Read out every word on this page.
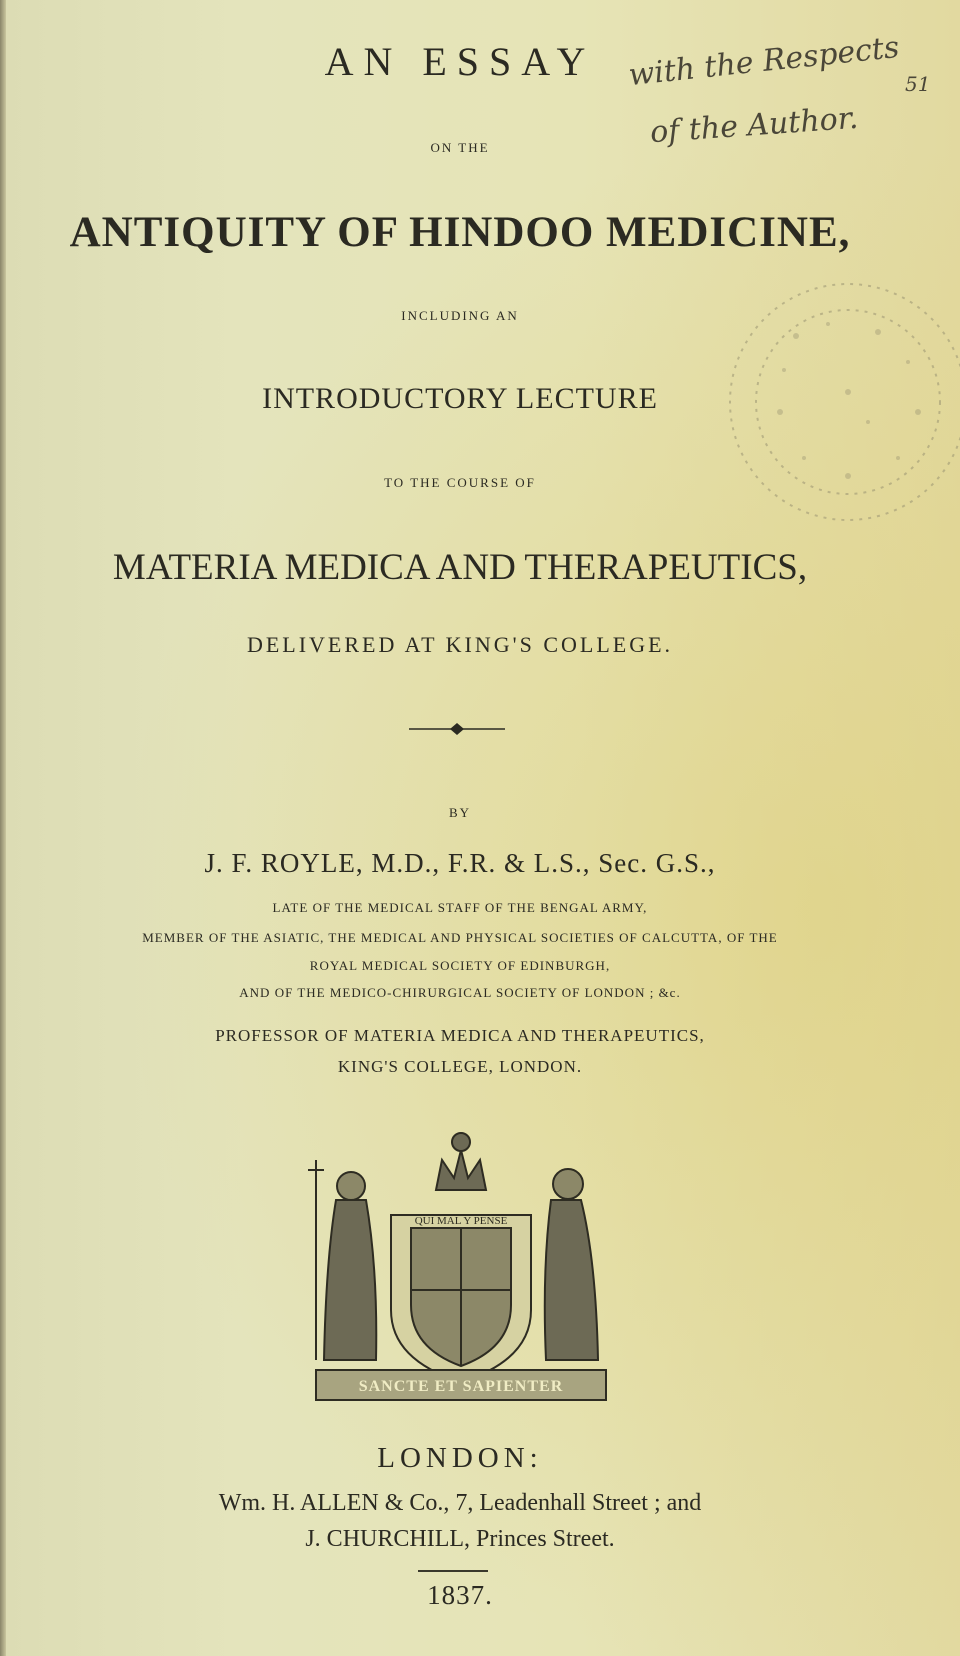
with the Respects
of the Author.
51
AN ESSAY
ON THE
ANTIQUITY OF HINDOO MEDICINE,
INCLUDING AN
INTRODUCTORY LECTURE
TO THE COURSE OF
MATERIA MEDICA AND THERAPEUTICS,
DELIVERED AT KING'S COLLEGE.
BY
J. F. ROYLE, M.D., F.R. & L.S., Sec. G.S.,
LATE OF THE MEDICAL STAFF OF THE BENGAL ARMY,
MEMBER OF THE ASIATIC, THE MEDICAL AND PHYSICAL SOCIETIES OF CALCUTTA, OF THE
ROYAL MEDICAL SOCIETY OF EDINBURGH,
AND OF THE MEDICO-CHIRURGICAL SOCIETY OF LONDON ; &c.
PROFESSOR OF MATERIA MEDICA AND THERAPEUTICS,
KING'S COLLEGE, LONDON.
QUI MAL Y PENSE
SANCTE ET SAPIENTER
LONDON:
Wm. H. ALLEN & Co., 7, Leadenhall Street ; and
J. CHURCHILL, Princes Street.
1837.
